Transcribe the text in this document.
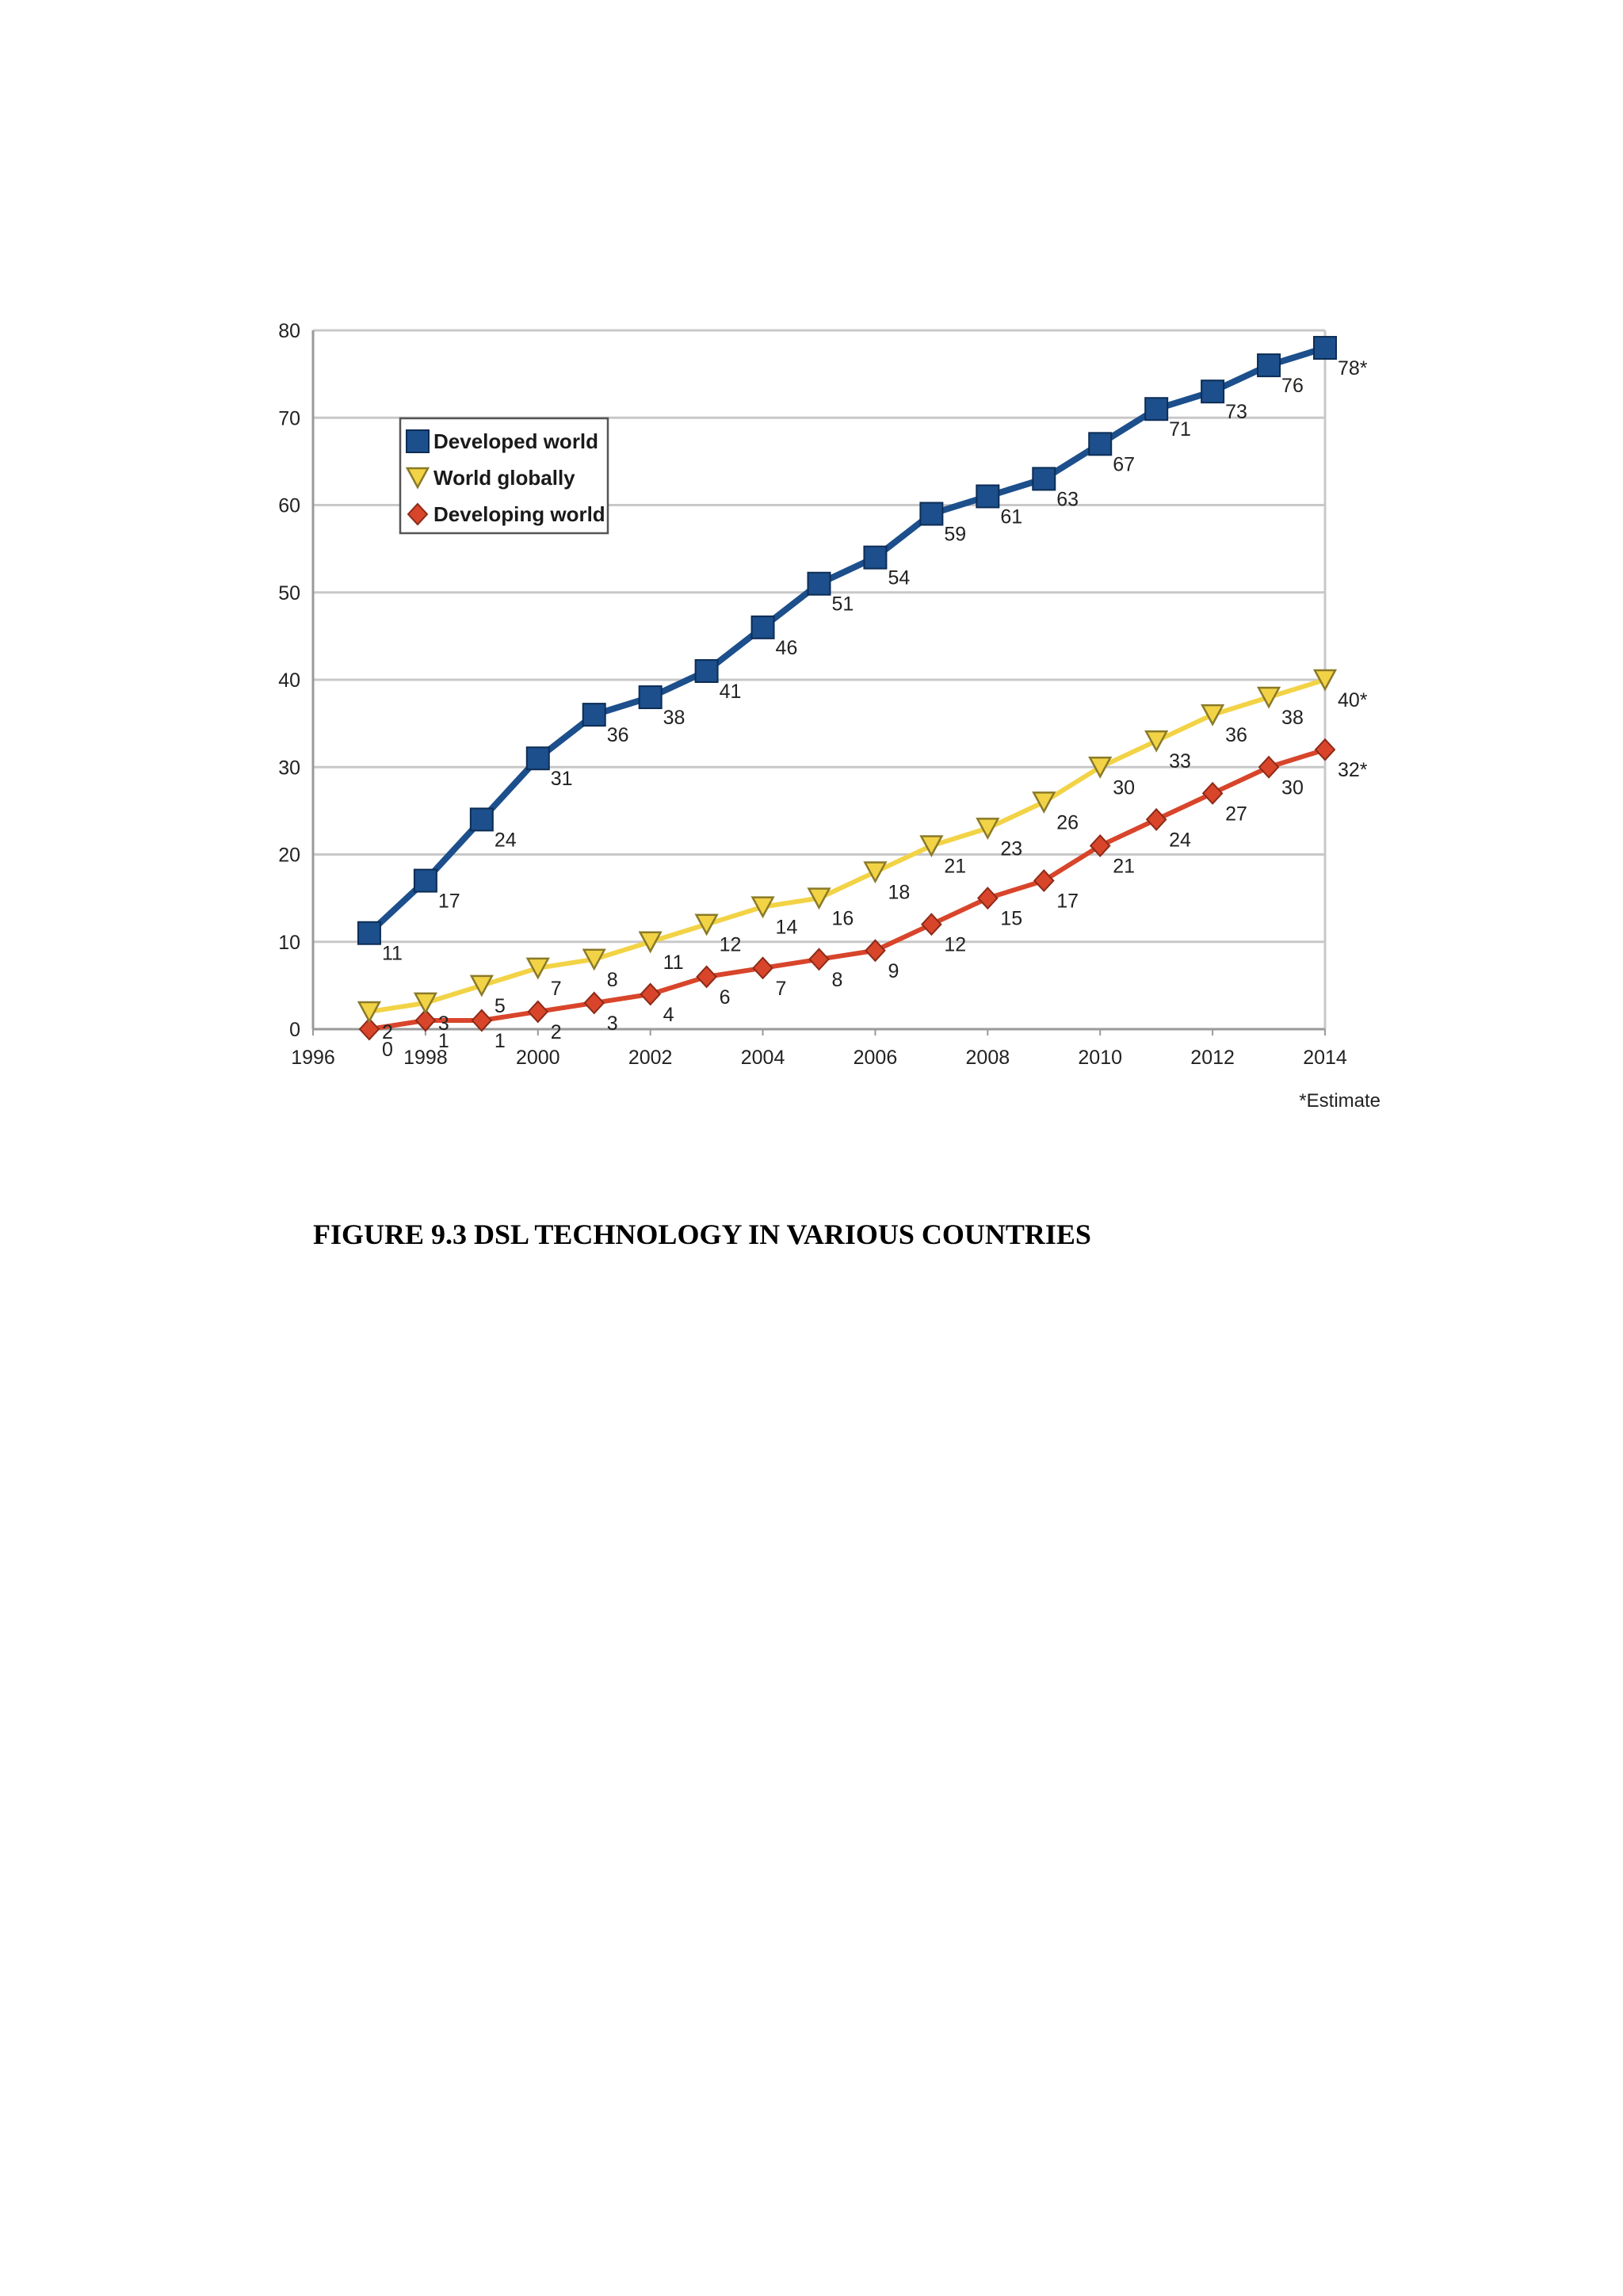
0
10
20
30
40
50
60
70
80
1996	1998	2000	2002	2004	2006	2008	2010	2012	2014
0 1 1 2 3 4
6 7 8 9
12
15
17
21
24
27
30
32*
2 3
5
7 8
11
12
14 16
18
21
23
26
30
33
36
38
40*
11
17
24
31
36
38
41
46
51
54
59
61
63
67
71
73
76
78*
Developed world
World globally
Developing world
*Estimate
FIGURE 9.3 DSL TECHNOLOGY IN VARIOUS COUNTRIES
